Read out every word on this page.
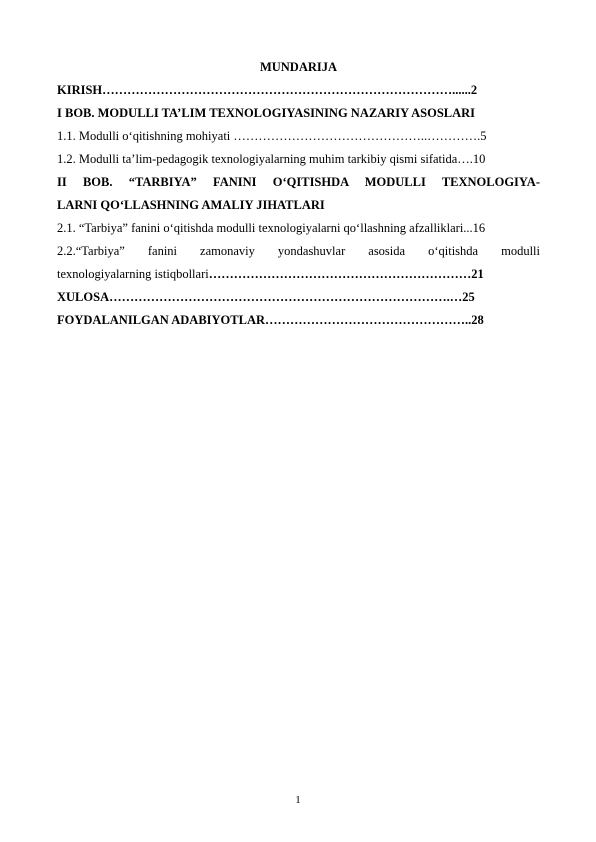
MUNDARIJA
KIRISH…………………………………………………………………………......2
I BOB. MODULLI TA’LIM TEXNOLOGIYASINING NAZARIY ASOSLARI
1.1. Modulli o‘qitishning mohiyati ………………………………………..………….5
1.2. Modulli ta’lim-pedagogik texnologiyalarning muhim tarkibiy qismi sifatida….10
II BOB. “TARBIYA” FANINI O‘QITISHDA MODULLI TEXNOLOGIYA-
LARNI QO‘LLASHNING AMALIY JIHATLARI
2.1. “Tarbiya” fanini o‘qitishda modulli texnologiyalarni qo‘llashning afzalliklari...16
2.2.“Tarbiya” fanini zamonaviy yondashuvlar asosida o‘qitishda modulli
texnologiyalarning istiqbollari………………………………………………………21
XULOSA……………………………………………………………………….…25
FOYDALANILGAN ADABIYOTLAR…………………………………………..28
1
